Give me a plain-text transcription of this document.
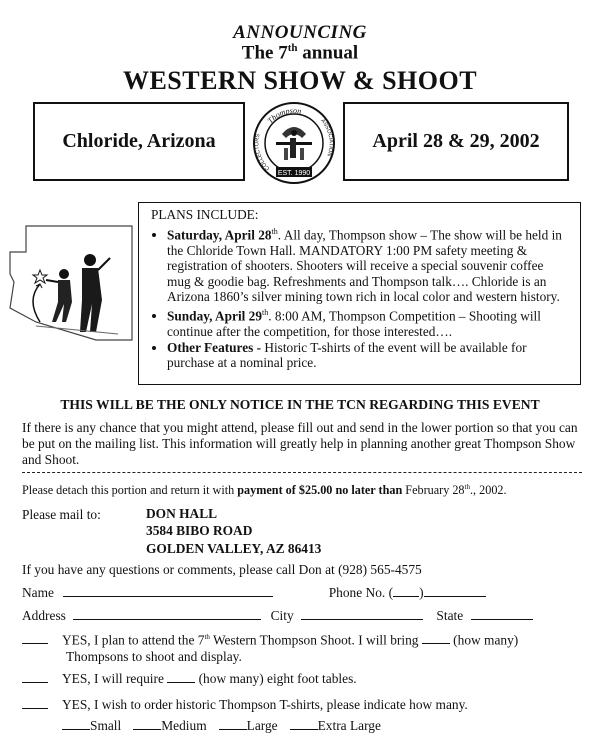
ANNOUNCING
The 7th annual
WESTERN SHOW & SHOOT
Chloride, Arizona	April 28 & 29, 2002
Thompson
COLLECTORS
ASSOCIATION
EST. 1990
PLANS INCLUDE:
• Saturday, April 28th. All day, Thompson show – The show will be held in the Chloride Town Hall. MANDATORY 1:00 PM safety meeting & registration of shooters. Shooters will receive a special souvenir coffee mug & goodie bag. Refreshments and Thompson talk…. Chloride is an Arizona 1860’s silver mining town rich in local color and western history.
• Sunday, April 29th. 8:00 AM, Thompson Competition – Shooting will continue after the competition, for those interested….
• Other Features - Historic T-shirts of the event will be available for purchase at a nominal price.
THIS WILL BE THE ONLY NOTICE IN THE TCN REGARDING THIS EVENT
If there is any chance that you might attend, please fill out and send in the lower portion so that you can be put on the mailing list. This information will greatly help in planning another great Thompson Show and Shoot.
Please detach this portion and return it with payment of $25.00 no later than February 28th., 2002.
Please mail to:	DON HALL
3584 BIBO ROAD
GOLDEN VALLEY, AZ 86413
If you have any questions or comments, please call Don at (928) 565-4575
Name	Phone No. ( )
Address	City	State
YES, I plan to attend the 7th Western Thompson Shoot. I will bring  (how many)
Thompsons to shoot and display.
YES, I will require  (how many) eight foot tables.
YES, I wish to order historic Thompson T-shirts, please indicate how many.
Small	Medium	Large	Extra Large
